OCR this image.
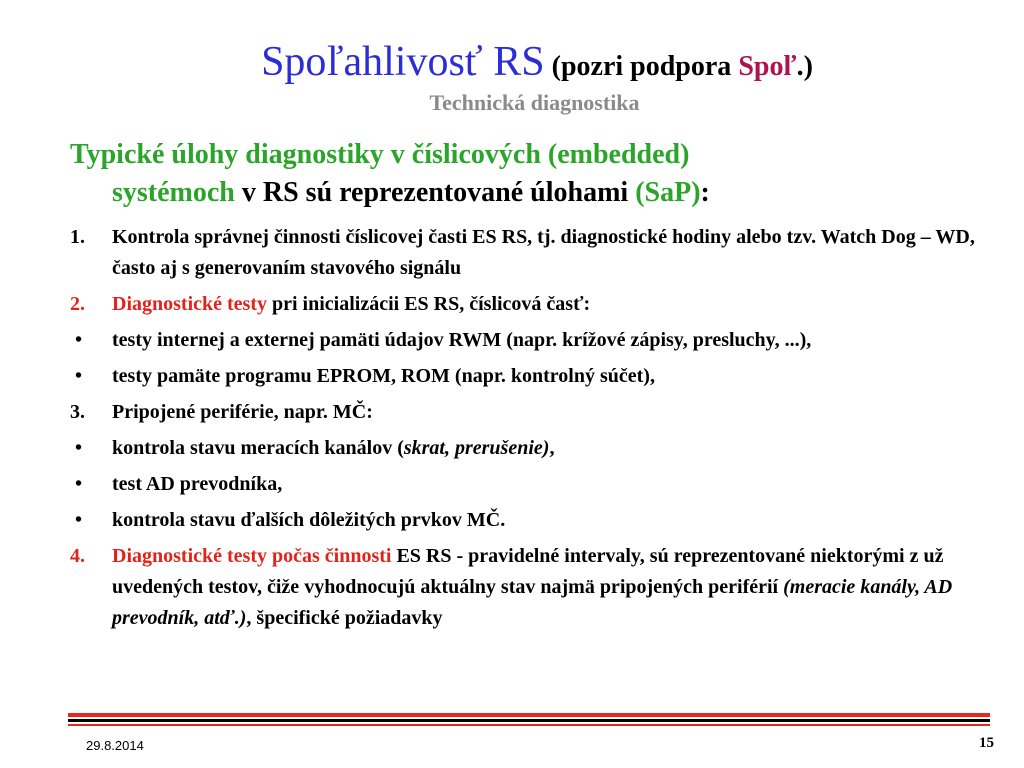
Spoľahlivosť RS (pozri podpora Spoľ.)
Technická diagnostika
Typické úlohy diagnostiky v číslicových (embedded)
systémoch v RS sú reprezentované úlohami (SaP):
1.	Kontrola správnej činnosti číslicovej časti ES RS, tj. diagnostické hodiny alebo tzv. Watch Dog – WD, často aj s generovaním stavového signálu
2.	Diagnostické testy pri inicializácii ES RS, číslicová časť:
•	testy internej a externej pamäti údajov RWM (napr. krížové zápisy, presluchy, ...),
•	testy pamäte programu EPROM, ROM (napr. kontrolný súčet),
3.	Pripojené periférie, napr. MČ:
•	kontrola stavu meracích kanálov (skrat, prerušenie),
•	test AD prevodníka,
•	kontrola stavu ďalších dôležitých prvkov MČ.
4.	Diagnostické testy počas činnosti ES RS - pravidelné intervaly, sú reprezentované niektorými z už uvedených testov, čiže vyhodnocujú aktuálny stav najmä pripojených periférií (meracie kanály, AD prevodník, atď.), špecifické požiadavky
29.8.2014	15
